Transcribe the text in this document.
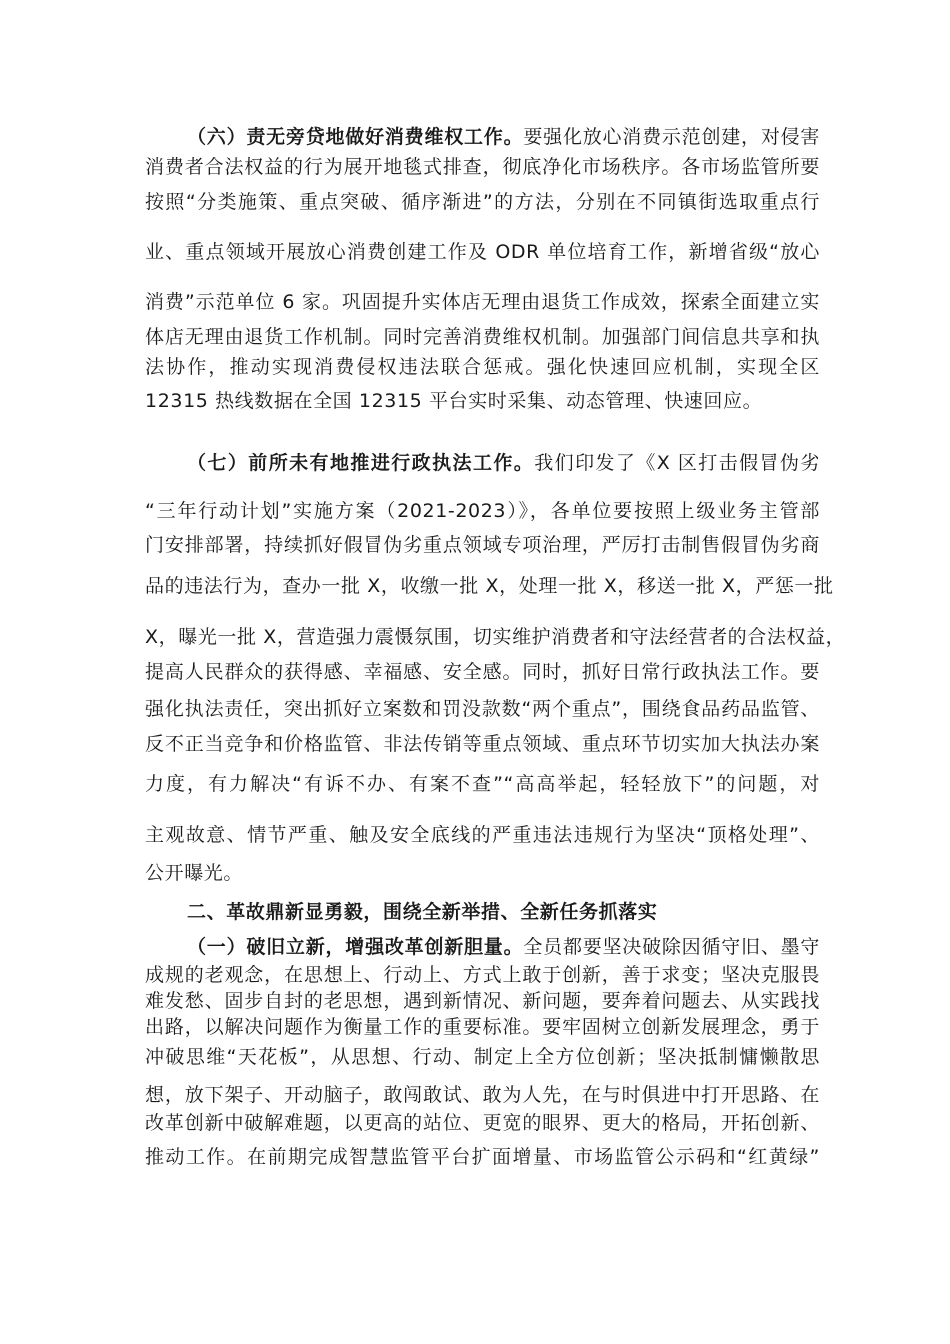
（六）责无旁贷地做好消费维权工作。要强化放心消费示范创建，对侵害
消费者合法权益的行为展开地毯式排查，彻底净化市场秩序。各市场监管所要
按照“分类施策、重点突破、循序渐进”的方法，分别在不同镇街选取重点行
业、重点领域开展放心消费创建工作及 ODR 单位培育工作，新增省级“放心
消费”示范单位 6 家。巩固提升实体店无理由退货工作成效，探索全面建立实
体店无理由退货工作机制。同时完善消费维权机制。加强部门间信息共享和执
法协作，推动实现消费侵权违法联合惩戒。强化快速回应机制，实现全区
12315 热线数据在全国 12315 平台实时采集、动态管理、快速回应。
（七）前所未有地推进行政执法工作。我们印发了《X 区打击假冒伪劣
“三年行动计划”实施方案（2021-2023）》，各单位要按照上级业务主管部
门安排部署，持续抓好假冒伪劣重点领域专项治理，严厉打击制售假冒伪劣商
品的违法行为，查办一批 X，收缴一批 X，处理一批 X，移送一批 X，严惩一批
X，曝光一批 X，营造强力震慑氛围，切实维护消费者和守法经营者的合法权益，
提高人民群众的获得感、幸福感、安全感。同时，抓好日常行政执法工作。要
强化执法责任，突出抓好立案数和罚没款数“两个重点”，围绕食品药品监管、
反不正当竞争和价格监管、非法传销等重点领域、重点环节切实加大执法办案
力度，有力解决“有诉不办、有案不查”“高高举起，轻轻放下”的问题，对
主观故意、情节严重、触及安全底线的严重违法违规行为坚决“顶格处理”、
公开曝光。
二、革故鼎新显勇毅，围绕全新举措、全新任务抓落实
（一）破旧立新，增强改革创新胆量。全员都要坚决破除因循守旧、墨守
成规的老观念，在思想上、行动上、方式上敢于创新，善于求变；坚决克服畏
难发愁、固步自封的老思想，遇到新情况、新问题，要奔着问题去、从实践找
出路，以解决问题作为衡量工作的重要标准。要牢固树立创新发展理念，勇于
冲破思维“天花板”，从思想、行动、制定上全方位创新；坚决抵制慵懒散思
想，放下架子、开动脑子，敢闯敢试、敢为人先，在与时俱进中打开思路、在
改革创新中破解难题，以更高的站位、更宽的眼界、更大的格局，开拓创新、
推动工作。在前期完成智慧监管平台扩面增量、市场监管公示码和“红黄绿”
